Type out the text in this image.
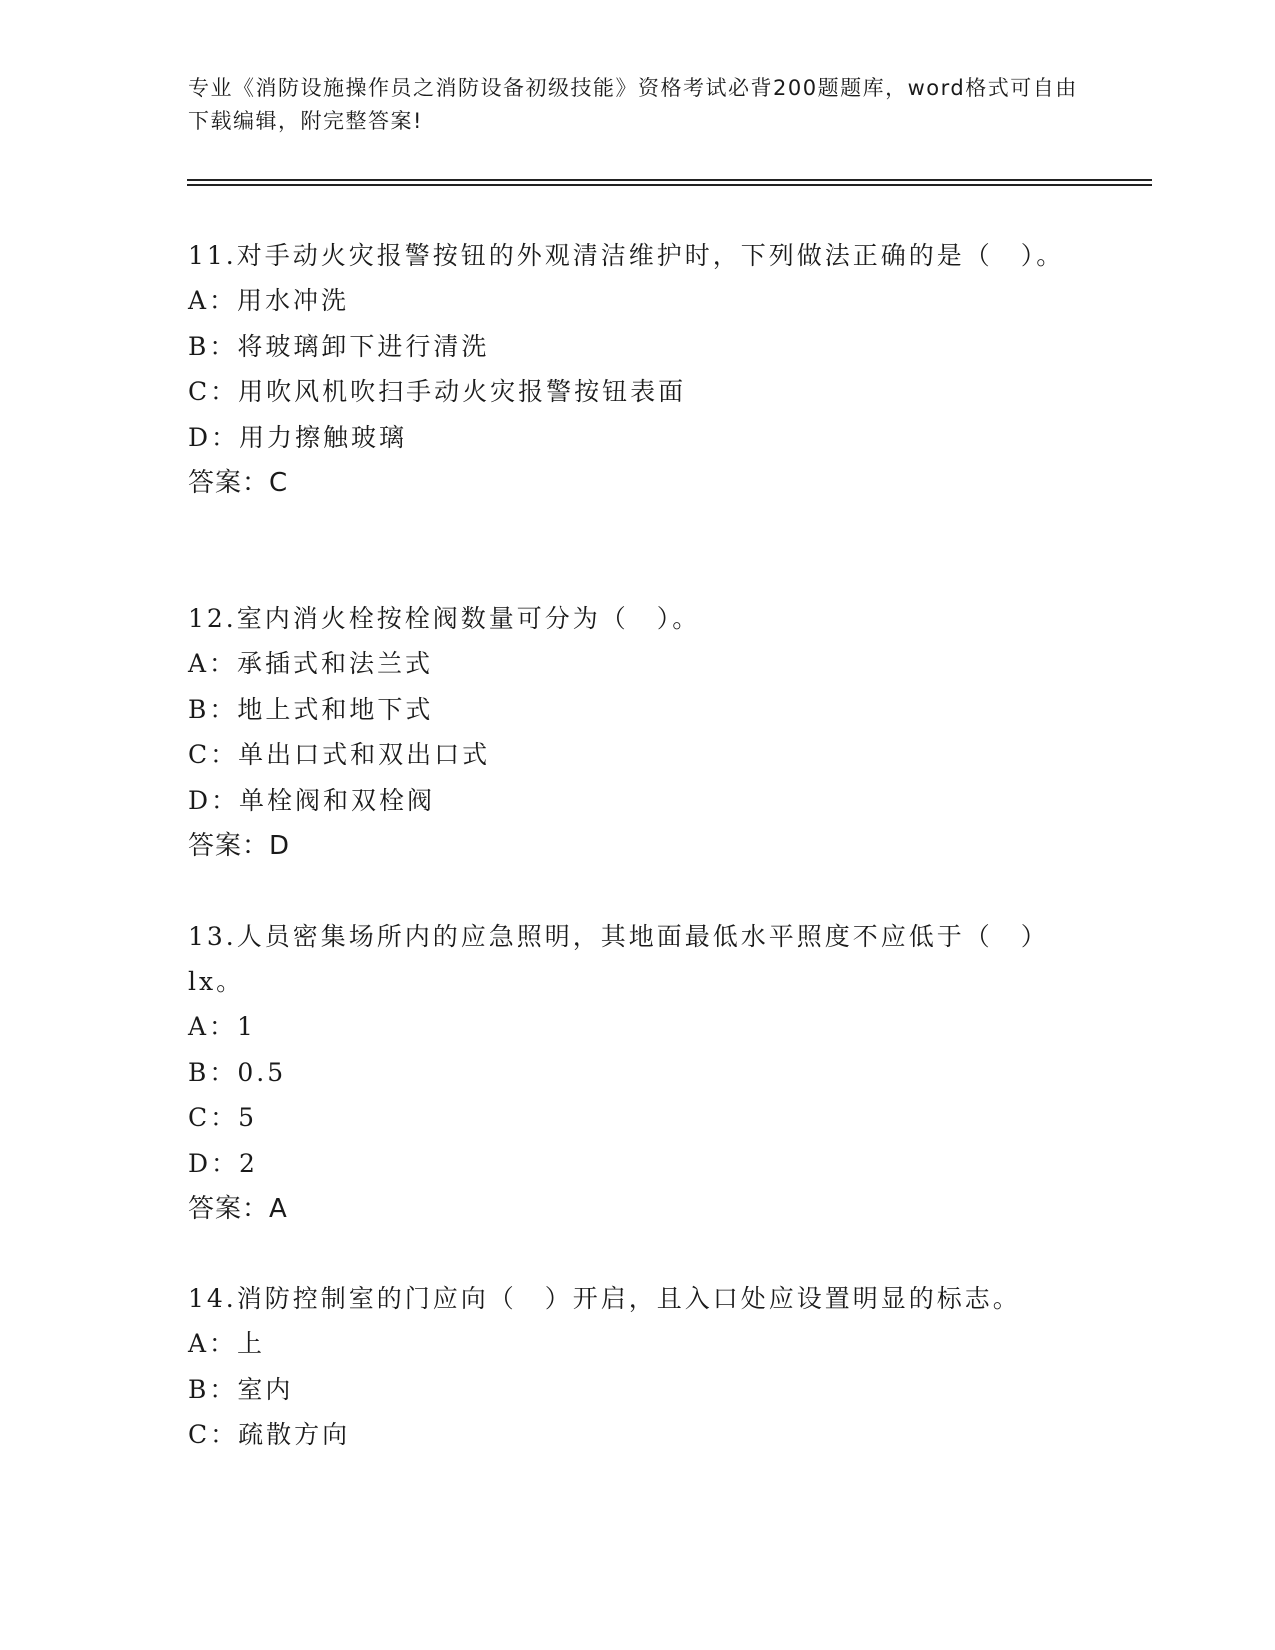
专业《消防设施操作员之消防设备初级技能》资格考试必背200题题库，word格式可自由下载编辑，附完整答案!

11.对手动火灾报警按钮的外观清洁维护时，下列做法正确的是（　）。

A：用水冲洗

B：将玻璃卸下进行清洗

C：用吹风机吹扫手动火灾报警按钮表面

D：用力擦触玻璃

答案：C

12.室内消火栓按栓阀数量可分为（　）。

A：承插式和法兰式

B：地上式和地下式

C：单出口式和双出口式

D：单栓阀和双栓阀

答案：D

13.人员密集场所内的应急照明，其地面最低水平照度不应低于（　）lx。

A：1

B：0.5

C：5

D：2

答案：A

14.消防控制室的门应向（　）开启，且入口处应设置明显的标志。

A：上

B：室内

C：疏散方向
